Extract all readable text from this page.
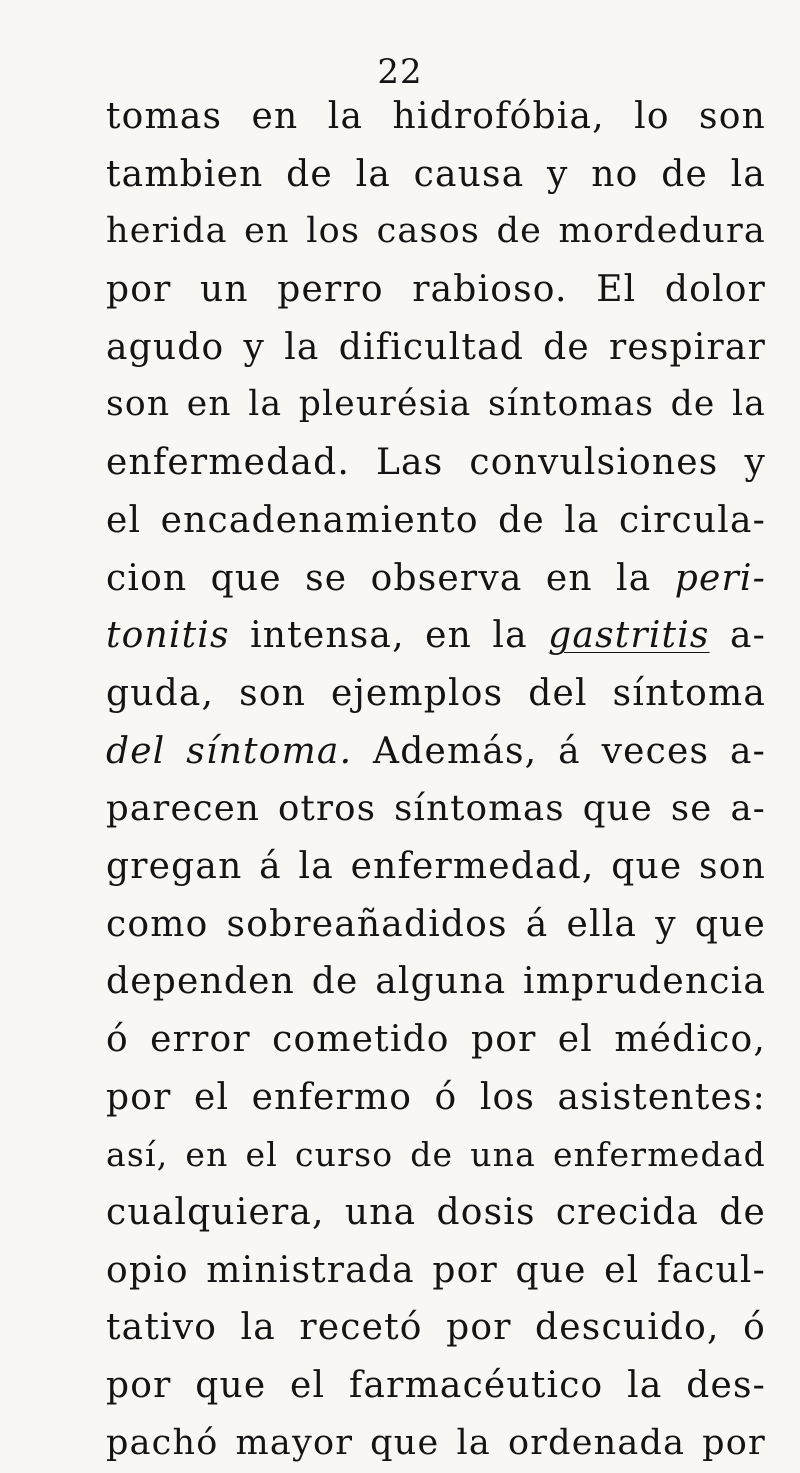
22
tomas en la hidrofóbia, lo son
tambien de la causa y no de la
herida en los casos de mordedura
por un perro rabioso. El dolor
agudo y la dificultad de respirar
son en la pleurésia síntomas de la
enfermedad. Las convulsiones y
el encadenamiento de la circula-
cion que se observa en la peri-
tonitis intensa, en la gastritis a-
guda, son ejemplos del síntoma
del síntoma. Además, á veces a-
parecen otros síntomas que se a-
gregan á la enfermedad, que son
como sobreañadidos á ella y que
dependen de alguna imprudencia
ó error cometido por el médico,
por el enfermo ó los asistentes:
así, en el curso de una enfermedad
cualquiera, una dosis crecida de
opio ministrada por que el facul-
tativo la recetó por descuido, ó
por que el farmacéutico la des-
pachó mayor que la ordenada por
